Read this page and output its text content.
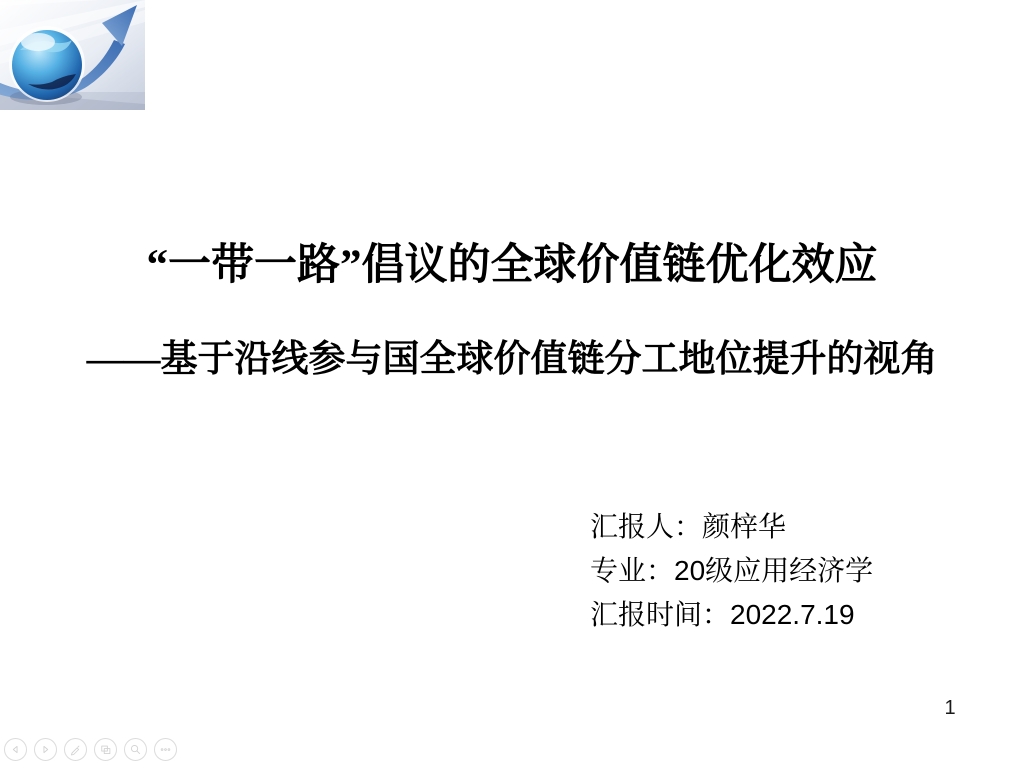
“一带一路”倡议的全球价值链优化效应
——基于沿线参与国全球价值链分工地位提升的视角
汇报人：颜梓华
专业：20级应用经济学
汇报时间：2022.7.19
1
